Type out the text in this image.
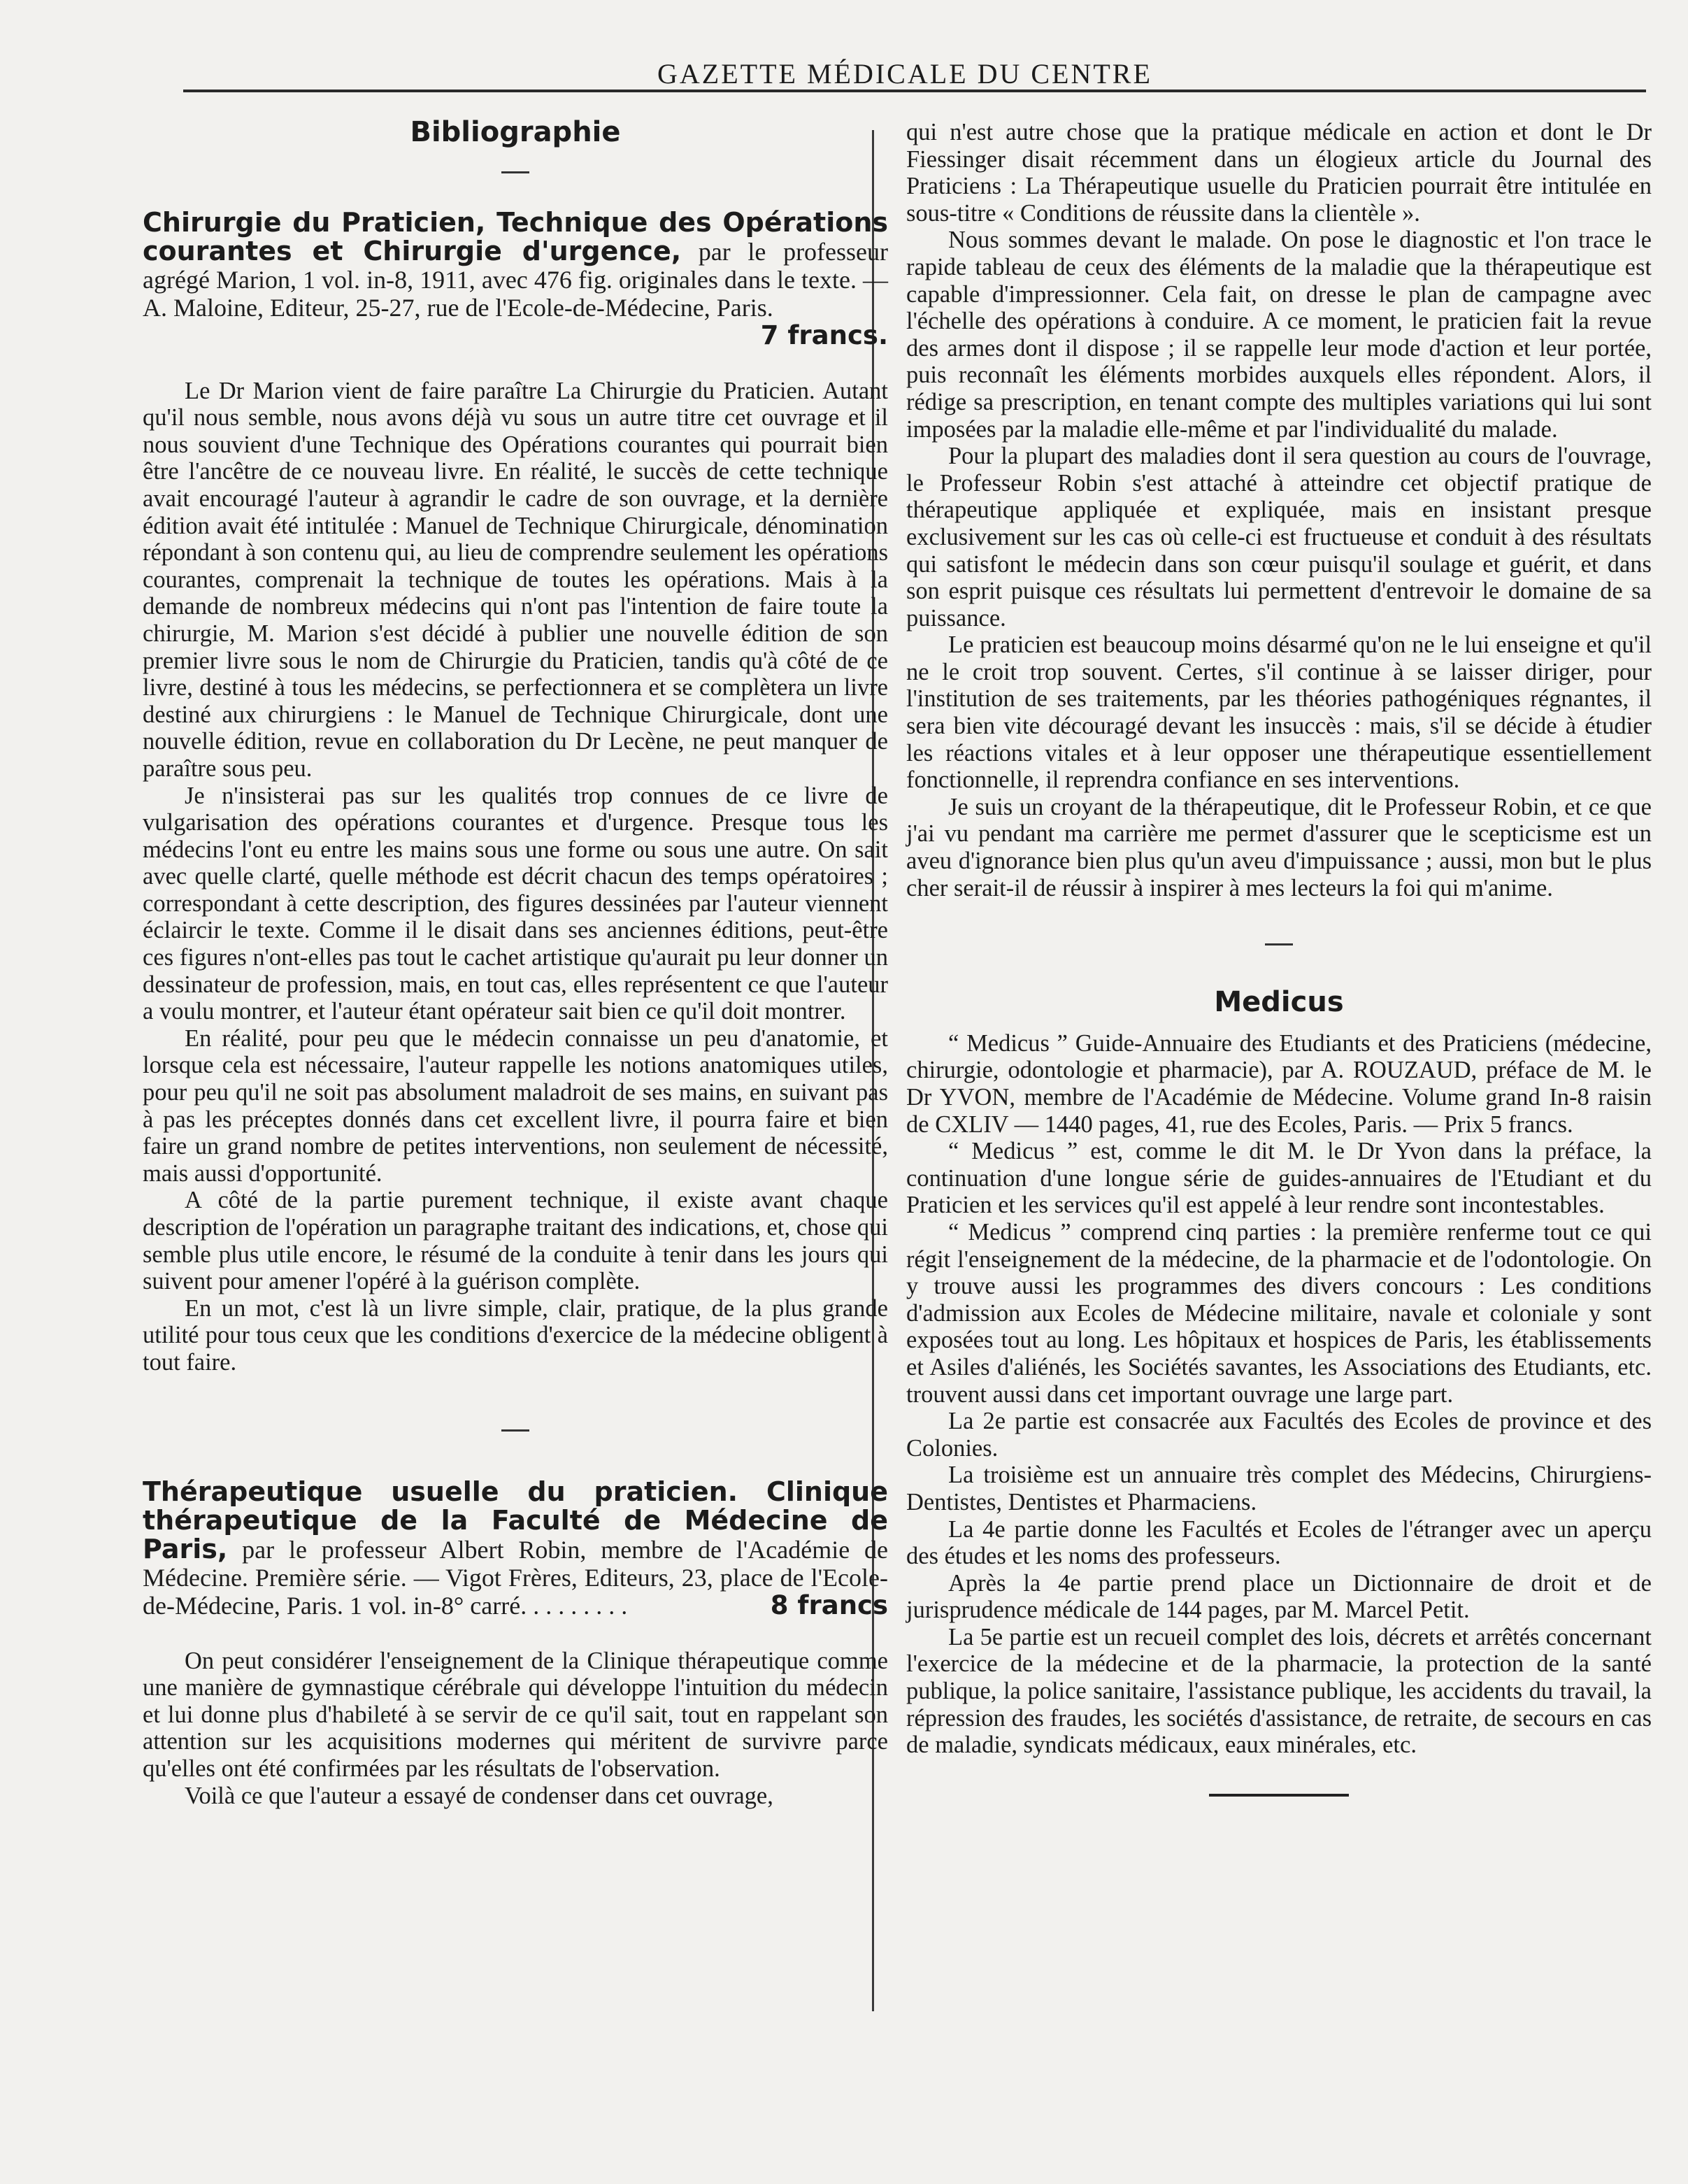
GAZETTE MÉDICALE DU CENTRE
Bibliographie
Chirurgie du Praticien, Technique des Opérations courantes et Chirurgie d'urgence, par le professeur agrégé Marion, 1 vol. in-8, 1911, avec 476 fig. originales dans le texte. — A. Maloine, Editeur, 25-27, rue de l'Ecole-de-Médecine, Paris.
7 francs.

Le Dr Marion vient de faire paraître La Chirurgie du Praticien. Autant qu'il nous semble, nous avons déjà vu sous un autre titre cet ouvrage et il nous souvient d'une Technique des Opérations courantes qui pourrait bien être l'ancêtre de ce nouveau livre. En réalité, le succès de cette technique avait encouragé l'auteur à agrandir le cadre de son ouvrage, et la dernière édition avait été intitulée : Manuel de Technique Chirurgicale, dénomination répondant à son contenu qui, au lieu de comprendre seulement les opérations courantes, comprenait la technique de toutes les opérations. Mais à la demande de nombreux médecins qui n'ont pas l'intention de faire toute la chirurgie, M. Marion s'est décidé à publier une nouvelle édition de son premier livre sous le nom de Chirurgie du Praticien, tandis qu'à côté de ce livre, destiné à tous les médecins, se perfectionnera et se complètera un livre destiné aux chirurgiens : le Manuel de Technique Chirurgicale, dont une nouvelle édition, revue en collaboration du Dr Lecène, ne peut manquer de paraître sous peu.

Je n'insisterai pas sur les qualités trop connues de ce livre de vulgarisation des opérations courantes et d'urgence. Presque tous les médecins l'ont eu entre les mains sous une forme ou sous une autre. On sait avec quelle clarté, quelle méthode est décrit chacun des temps opératoires ; correspondant à cette description, des figures dessinées par l'auteur viennent éclaircir le texte. Comme il le disait dans ses anciennes éditions, peut-être ces figures n'ont-elles pas tout le cachet artistique qu'aurait pu leur donner un dessinateur de profession, mais, en tout cas, elles représentent ce que l'auteur a voulu montrer, et l'auteur étant opérateur sait bien ce qu'il doit montrer.

En réalité, pour peu que le médecin connaisse un peu d'anatomie, et lorsque cela est nécessaire, l'auteur rappelle les notions anatomiques utiles, pour peu qu'il ne soit pas absolument maladroit de ses mains, en suivant pas à pas les préceptes donnés dans cet excellent livre, il pourra faire et bien faire un grand nombre de petites interventions, non seulement de nécessité, mais aussi d'opportunité.

A côté de la partie purement technique, il existe avant chaque description de l'opération un paragraphe traitant des indications, et, chose qui semble plus utile encore, le résumé de la conduite à tenir dans les jours qui suivent pour amener l'opéré à la guérison complète.

En un mot, c'est là un livre simple, clair, pratique, de la plus grande utilité pour tous ceux que les conditions d'exercice de la médecine obligent à tout faire.

Thérapeutique usuelle du praticien. Clinique thérapeutique de la Faculté de Médecine de Paris, par le professeur Albert Robin, membre de l'Académie de Médecine. Première série. — Vigot Frères, Editeurs, 23, place de l'Ecole-de-Médecine, Paris. 1 vol. in-8° carré. . . . . . . . .	8 francs

On peut considérer l'enseignement de la Clinique thérapeutique comme une manière de gymnastique cérébrale qui développe l'intuition du médecin et lui donne plus d'habileté à se servir de ce qu'il sait, tout en rappelant son attention sur les acquisitions modernes qui méritent de survivre parce qu'elles ont été confirmées par les résultats de l'observation.

Voilà ce que l'auteur a essayé de condenser dans cet ouvrage,

qui n'est autre chose que la pratique médicale en action et dont le Dr Fiessinger disait récemment dans un élogieux article du Journal des Praticiens : La Thérapeutique usuelle du Praticien pourrait être intitulée en sous-titre « Conditions de réussite dans la clientèle ».

Nous sommes devant le malade. On pose le diagnostic et l'on trace le rapide tableau de ceux des éléments de la maladie que la thérapeutique est capable d'impressionner. Cela fait, on dresse le plan de campagne avec l'échelle des opérations à conduire. A ce moment, le praticien fait la revue des armes dont il dispose ; il se rappelle leur mode d'action et leur portée, puis reconnaît les éléments morbides auxquels elles répondent. Alors, il rédige sa prescription, en tenant compte des multiples variations qui lui sont imposées par la maladie elle-même et par l'individualité du malade.

Pour la plupart des maladies dont il sera question au cours de l'ouvrage, le Professeur Robin s'est attaché à atteindre cet objectif pratique de thérapeutique appliquée et expliquée, mais en insistant presque exclusivement sur les cas où celle-ci est fructueuse et conduit à des résultats qui satisfont le médecin dans son cœur puisqu'il soulage et guérit, et dans son esprit puisque ces résultats lui permettent d'entrevoir le domaine de sa puissance.

Le praticien est beaucoup moins désarmé qu'on ne le lui enseigne et qu'il ne le croit trop souvent. Certes, s'il continue à se laisser diriger, pour l'institution de ses traitements, par les théories pathogéniques régnantes, il sera bien vite découragé devant les insuccès : mais, s'il se décide à étudier les réactions vitales et à leur opposer une thérapeutique essentiellement fonctionnelle, il reprendra confiance en ses interventions.

Je suis un croyant de la thérapeutique, dit le Professeur Robin, et ce que j'ai vu pendant ma carrière me permet d'assurer que le scepticisme est un aveu d'ignorance bien plus qu'un aveu d'impuissance ; aussi, mon but le plus cher serait-il de réussir à inspirer à mes lecteurs la foi qui m'anime.

Medicus

“ Medicus ” Guide-Annuaire des Etudiants et des Praticiens (médecine, chirurgie, odontologie et pharmacie), par A. ROUZAUD, préface de M. le Dr YVON, membre de l'Académie de Médecine. Volume grand In-8 raisin de CXLIV — 1440 pages, 41, rue des Ecoles, Paris. — Prix 5 francs.

“ Medicus ” est, comme le dit M. le Dr Yvon dans la préface, la continuation d'une longue série de guides-annuaires de l'Etudiant et du Praticien et les services qu'il est appelé à leur rendre sont incontestables.

“ Medicus ” comprend cinq parties : la première renferme tout ce qui régit l'enseignement de la médecine, de la pharmacie et de l'odontologie. On y trouve aussi les programmes des divers concours : Les conditions d'admission aux Ecoles de Médecine militaire, navale et coloniale y sont exposées tout au long. Les hôpitaux et hospices de Paris, les établissements et Asiles d'aliénés, les Sociétés savantes, les Associations des Etudiants, etc. trouvent aussi dans cet important ouvrage une large part.

La 2e partie est consacrée aux Facultés des Ecoles de province et des Colonies.

La troisième est un annuaire très complet des Médecins, Chirurgiens-Dentistes, Dentistes et Pharmaciens.

La 4e partie donne les Facultés et Ecoles de l'étranger avec un aperçu des études et les noms des professeurs.

Après la 4e partie prend place un Dictionnaire de droit et de jurisprudence médicale de 144 pages, par M. Marcel Petit.

La 5e partie est un recueil complet des lois, décrets et arrêtés concernant l'exercice de la médecine et de la pharmacie, la protection de la santé publique, la police sanitaire, l'assistance publique, les accidents du travail, la répression des fraudes, les sociétés d'assistance, de retraite, de secours en cas de maladie, syndicats médicaux, eaux minérales, etc.
